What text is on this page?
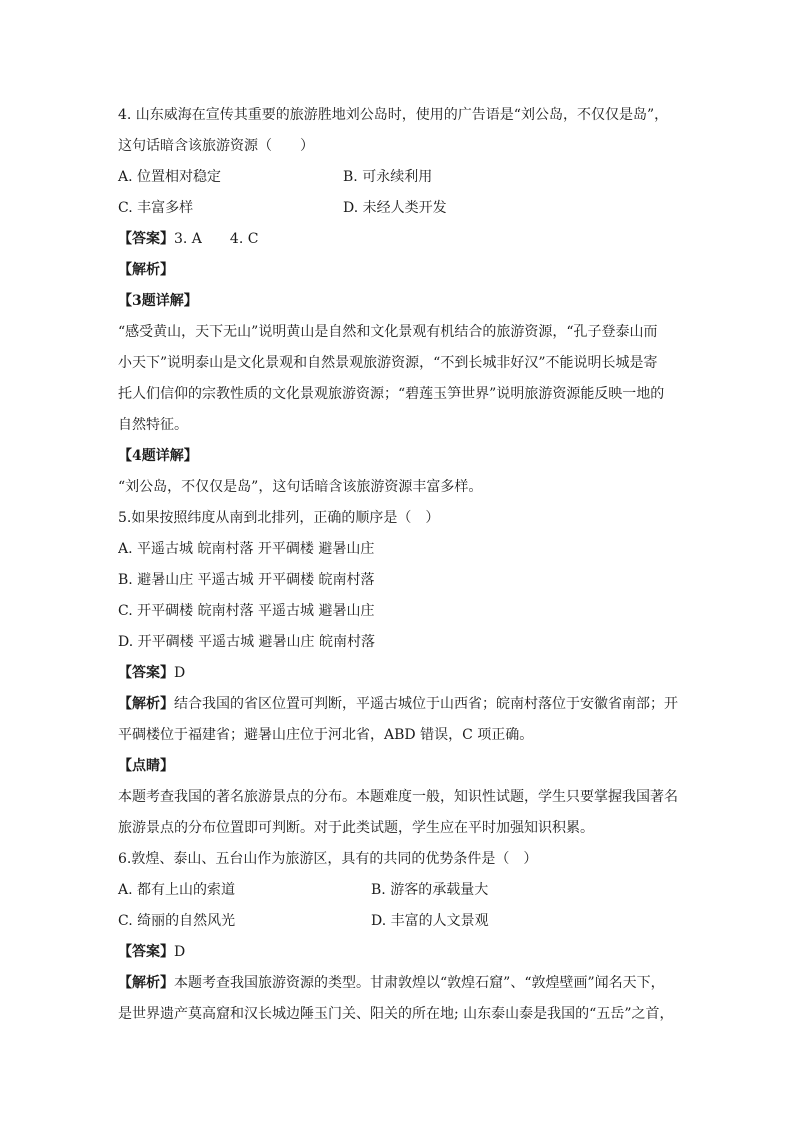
4. 山东威海在宣传其重要的旅游胜地刘公岛时，使用的广告语是“刘公岛，不仅仅是岛”，
这句话暗含该旅游资源（　　）
A. 位置相对稳定	B. 可永续利用
C. 丰富多样	D. 未经人类开发
【答案】3. A　　4. C
【解析】
【3题详解】
“感受黄山，天下无山”说明黄山是自然和文化景观有机结合的旅游资源，“孔子登泰山而
小天下”说明泰山是文化景观和自然景观旅游资源，“不到长城非好汉”不能说明长城是寄
托人们信仰的宗教性质的文化景观旅游资源；“碧莲玉笋世界”说明旅游资源能反映一地的
自然特征。
【4题详解】
“刘公岛，不仅仅是岛”，这句话暗含该旅游资源丰富多样。
5.如果按照纬度从南到北排列，正确的顺序是（　）
A. 平遥古城 皖南村落 开平碉楼 避暑山庄
B. 避暑山庄 平遥古城 开平碉楼 皖南村落
C. 开平碉楼 皖南村落 平遥古城 避暑山庄
D. 开平碉楼 平遥古城 避暑山庄 皖南村落
【答案】D
【解析】结合我国的省区位置可判断，平遥古城位于山西省；皖南村落位于安徽省南部；开
平碉楼位于福建省；避暑山庄位于河北省，ABD 错误，C 项正确。
【点睛】
本题考查我国的著名旅游景点的分布。本题难度一般，知识性试题，学生只要掌握我国著名
旅游景点的分布位置即可判断。对于此类试题，学生应在平时加强知识积累。
6.敦煌、泰山、五台山作为旅游区，具有的共同的优势条件是（　）
A. 都有上山的索道	B. 游客的承载量大
C. 绮丽的自然风光	D. 丰富的人文景观
【答案】D
【解析】本题考查我国旅游资源的类型。甘肃敦煌以“敦煌石窟”、“敦煌壁画”闻名天下，
是世界遗产莫高窟和汉长城边陲玉门关、阳关的所在地; 山东泰山泰是我国的“五岳”之首，
